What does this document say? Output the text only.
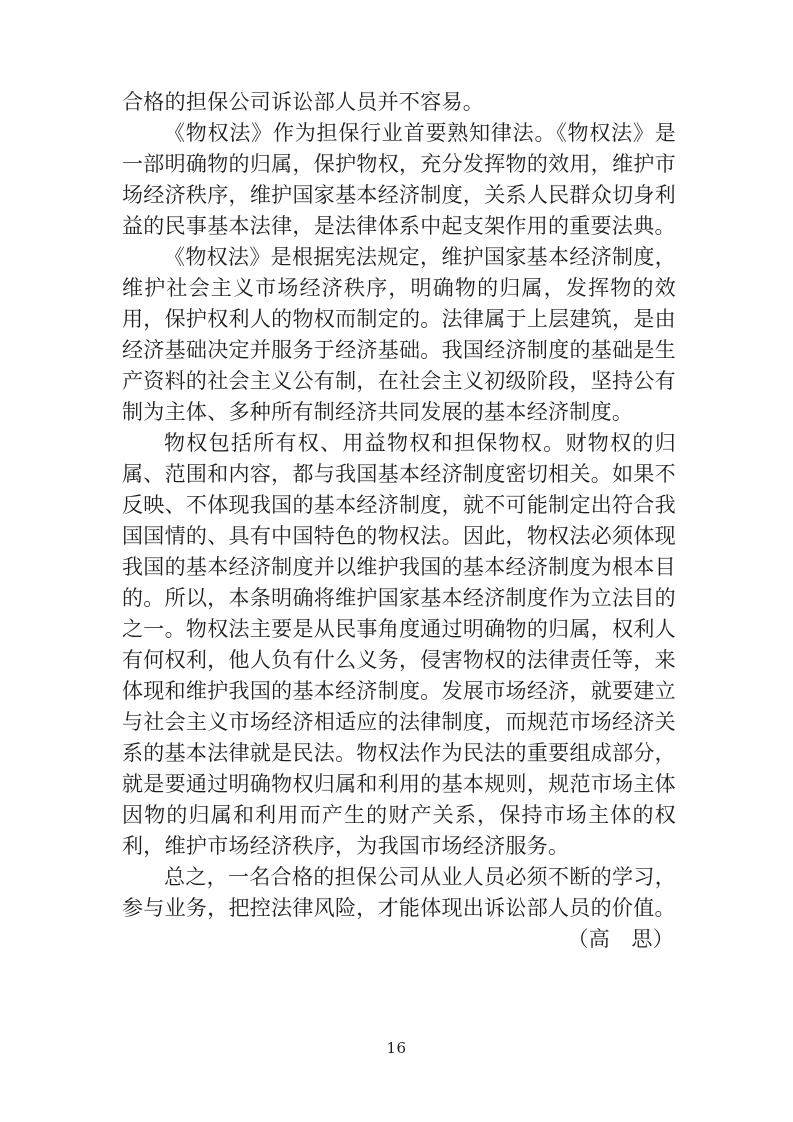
合格的担保公司诉讼部人员并不容易。

《物权法》作为担保行业首要熟知律法。《物权法》是一部明确物的归属，保护物权，充分发挥物的效用，维护市场经济秩序，维护国家基本经济制度，关系人民群众切身利益的民事基本法律，是法律体系中起支架作用的重要法典。

《物权法》是根据宪法规定，维护国家基本经济制度，维护社会主义市场经济秩序，明确物的归属，发挥物的效用，保护权利人的物权而制定的。法律属于上层建筑，是由经济基础决定并服务于经济基础。我国经济制度的基础是生产资料的社会主义公有制，在社会主义初级阶段，坚持公有制为主体、多种所有制经济共同发展的基本经济制度。

物权包括所有权、用益物权和担保物权。财物权的归属、范围和内容，都与我国基本经济制度密切相关。如果不反映、不体现我国的基本经济制度，就不可能制定出符合我国国情的、具有中国特色的物权法。因此，物权法必须体现我国的基本经济制度并以维护我国的基本经济制度为根本目的。所以，本条明确将维护国家基本经济制度作为立法目的之一。物权法主要是从民事角度通过明确物的归属，权利人有何权利，他人负有什么义务，侵害物权的法律责任等，来体现和维护我国的基本经济制度。发展市场经济，就要建立与社会主义市场经济相适应的法律制度，而规范市场经济关系的基本法律就是民法。物权法作为民法的重要组成部分，就是要通过明确物权归属和利用的基本规则，规范市场主体因物的归属和利用而产生的财产关系，保持市场主体的权利，维护市场经济秩序，为我国市场经济服务。

总之，一名合格的担保公司从业人员必须不断的学习，参与业务，把控法律风险，才能体现出诉讼部人员的价值。

（高　思）

16
